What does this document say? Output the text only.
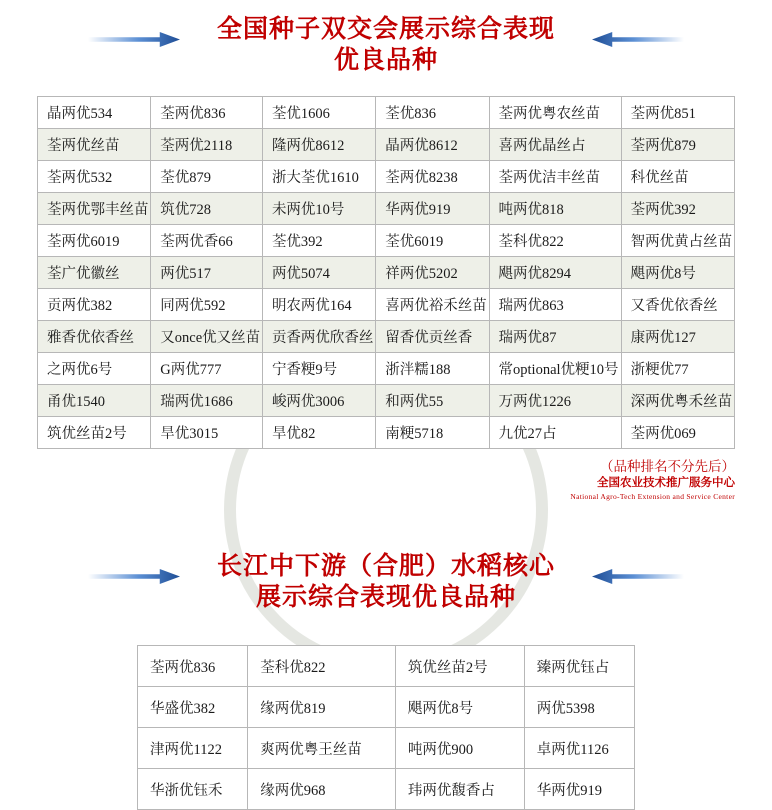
全国种子双交会展示综合表现
优良品种
晶两优534	荃两优836	荃优1606	荃优836	荃两优粤农丝苗	荃两优851
荃两优丝苗	荃两优2118	隆两优8612	晶两优8612	喜两优晶丝占	荃两优879
荃两优532	荃优879	浙大荃优1610	荃两优8238	荃两优洁丰丝苗	科优丝苗
荃两优鄂丰丝苗	筑优728	未两优10号	华两优919	吨两优818	荃两优392
荃两优6019	荃两优香66	荃优392	荃优6019	荃科优822	智两优黄占丝苗
荃广优徽丝	两优517	两优5074	祥两优5202	飓两优8294	飓两优8号
贡两优382	同两优592	明农两优164	喜两优裕禾丝苗	瑞两优863	又香优依香丝
雅香优依香丝	又once优又丝苗	贡香两优欣香丝	留香优贡丝香	瑞两优87	康两优127
之两优6号	G两优777	宁香粳9号	浙泮糯188	常optional优粳10号	浙粳优77
甬优1540	瑞两优1686	峻两优3006	和两优55	万两优1226	深两优粤禾丝苗
筑优丝苗2号	旱优3015	旱优82	南粳5718	九优27占	荃两优069
（品种排名不分先后）
全国农业技术推广服务中心
National Agro-Tech Extension and Service Center
长江中下游（合肥）水稻核心
展示综合表现优良品种
荃两优836	荃科优822	筑优丝苗2号	臻两优钰占
华盛优382	缘两优819	飓两优8号	两优5398
津两优1122	爽两优粤王丝苗	吨两优900	卓两优1126
华浙优钰禾	缘两优968	玮两优馥香占	华两优919
